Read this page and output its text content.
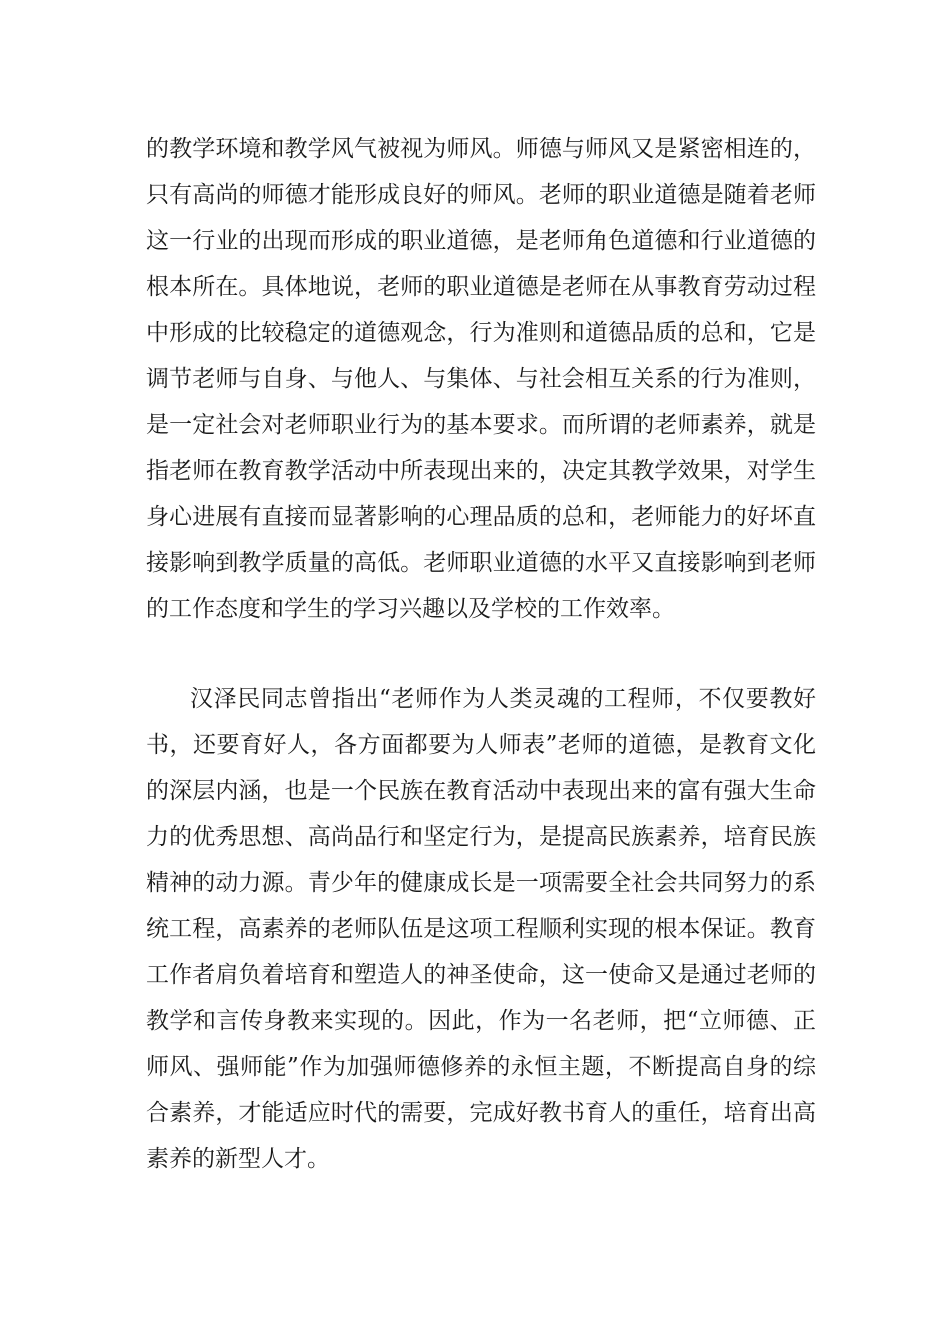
的教学环境和教学风气被视为师风。师德与师风又是紧密相连的，
只有高尚的师德才能形成良好的师风。老师的职业道德是随着老师
这一行业的出现而形成的职业道德，是老师角色道德和行业道德的
根本所在。具体地说，老师的职业道德是老师在从事教育劳动过程
中形成的比较稳定的道德观念，行为准则和道德品质的总和，它是
调节老师与自身、与他人、与集体、与社会相互关系的行为准则，
是一定社会对老师职业行为的基本要求。而所谓的老师素养，就是
指老师在教育教学活动中所表现出来的，决定其教学效果，对学生
身心进展有直接而显著影响的心理品质的总和，老师能力的好坏直
接影响到教学质量的高低。老师职业道德的水平又直接影响到老师
的工作态度和学生的学习兴趣以及学校的工作效率。
汉泽民同志曾指出“老师作为人类灵魂的工程师，不仅要教好
书，还要育好人，各方面都要为人师表”老师的道德，是教育文化
的深层内涵，也是一个民族在教育活动中表现出来的富有强大生命
力的优秀思想、高尚品行和坚定行为，是提高民族素养，培育民族
精神的动力源。青少年的健康成长是一项需要全社会共同努力的系
统工程，高素养的老师队伍是这项工程顺利实现的根本保证。教育
工作者肩负着培育和塑造人的神圣使命，这一使命又是通过老师的
教学和言传身教来实现的。因此，作为一名老师，把“立师德、正
师风、强师能”作为加强师德修养的永恒主题，不断提高自身的综
合素养，才能适应时代的需要，完成好教书育人的重任，培育出高
素养的新型人才。
